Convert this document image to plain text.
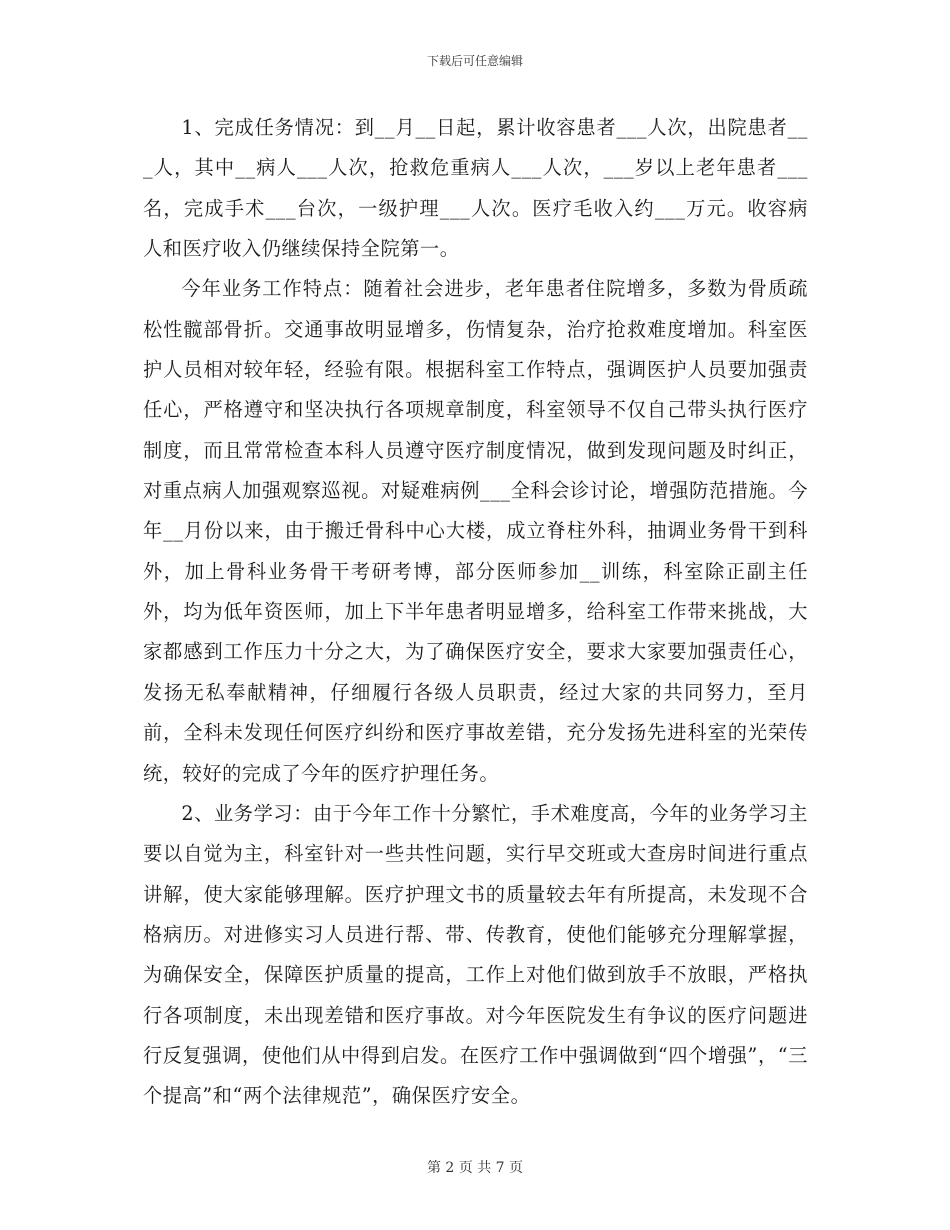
下载后可任意编辑

1、完成任务情况：到__月__日起，累计收容患者___人次，出院患者___人，其中__病人___人次，抢救危重病人___人次，___岁以上老年患者___名，完成手术___台次，一级护理___人次。医疗毛收入约___万元。收容病人和医疗收入仍继续保持全院第一。

今年业务工作特点：随着社会进步，老年患者住院增多，多数为骨质疏松性髋部骨折。交通事故明显增多，伤情复杂，治疗抢救难度增加。科室医护人员相对较年轻，经验有限。根据科室工作特点，强调医护人员要加强责任心，严格遵守和坚决执行各项规章制度，科室领导不仅自己带头执行医疗制度，而且常常检查本科人员遵守医疗制度情况，做到发现问题及时纠正，对重点病人加强观察巡视。对疑难病例___全科会诊讨论，增强防范措施。今年__月份以来，由于搬迁骨科中心大楼，成立脊柱外科，抽调业务骨干到科外，加上骨科业务骨干考研考博，部分医师参加__训练，科室除正副主任外，均为低年资医师，加上下半年患者明显增多，给科室工作带来挑战，大家都感到工作压力十分之大，为了确保医疗安全，要求大家要加强责任心，发扬无私奉献精神，仔细履行各级人员职责，经过大家的共同努力，至月前，全科未发现任何医疗纠纷和医疗事故差错，充分发扬先进科室的光荣传统，较好的完成了今年的医疗护理任务。

2、业务学习：由于今年工作十分繁忙，手术难度高，今年的业务学习主要以自觉为主，科室针对一些共性问题，实行早交班或大查房时间进行重点讲解，使大家能够理解。医疗护理文书的质量较去年有所提高，未发现不合格病历。对进修实习人员进行帮、带、传教育，使他们能够充分理解掌握，为确保安全，保障医护质量的提高，工作上对他们做到放手不放眼，严格执行各项制度，未出现差错和医疗事故。对今年医院发生有争议的医疗问题进行反复强调，使他们从中得到启发。在医疗工作中强调做到“四个增强”，“三个提高”和“两个法律规范”，确保医疗安全。

第 2 页 共 7 页
